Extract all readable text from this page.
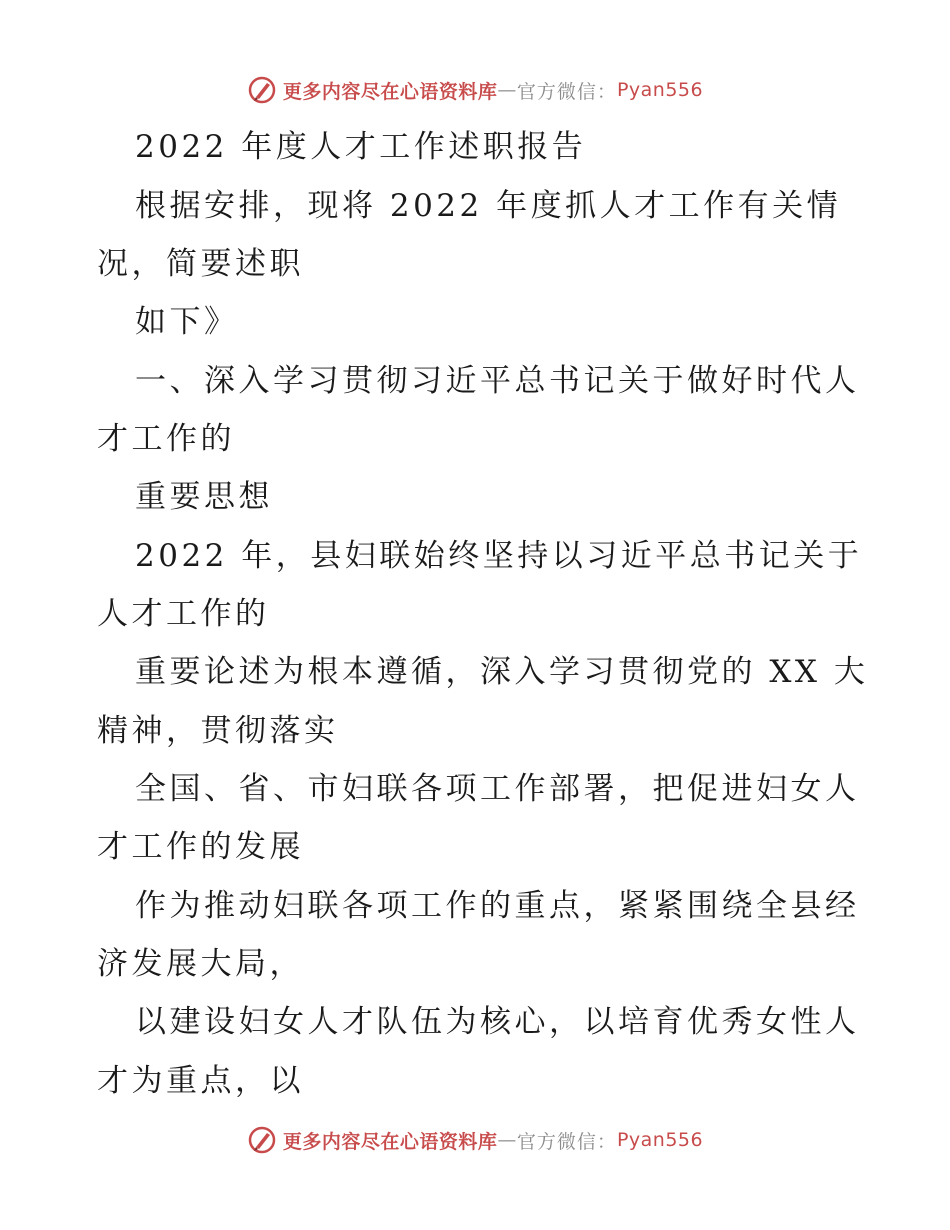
更多内容尽在心语资料库 — 官方微信： Pyan556
2022 年度人才工作述职报告
根据安排，现将 2022 年度抓人才工作有关情
况，简要述职
如下》
一、深入学习贯彻习近平总书记关于做好时代人
才工作的
重要思想
2022 年，县妇联始终坚持以习近平总书记关于
人才工作的
重要论述为根本遵循，深入学习贯彻党的 XX 大
精神，贯彻落实
全国、省、市妇联各项工作部署，把促进妇女人
才工作的发展
作为推动妇联各项工作的重点，紧紧围绕全县经
济发展大局，
以建设妇女人才队伍为核心，以培育优秀女性人
才为重点，以
更多内容尽在心语资料库 — 官方微信： Pyan556
